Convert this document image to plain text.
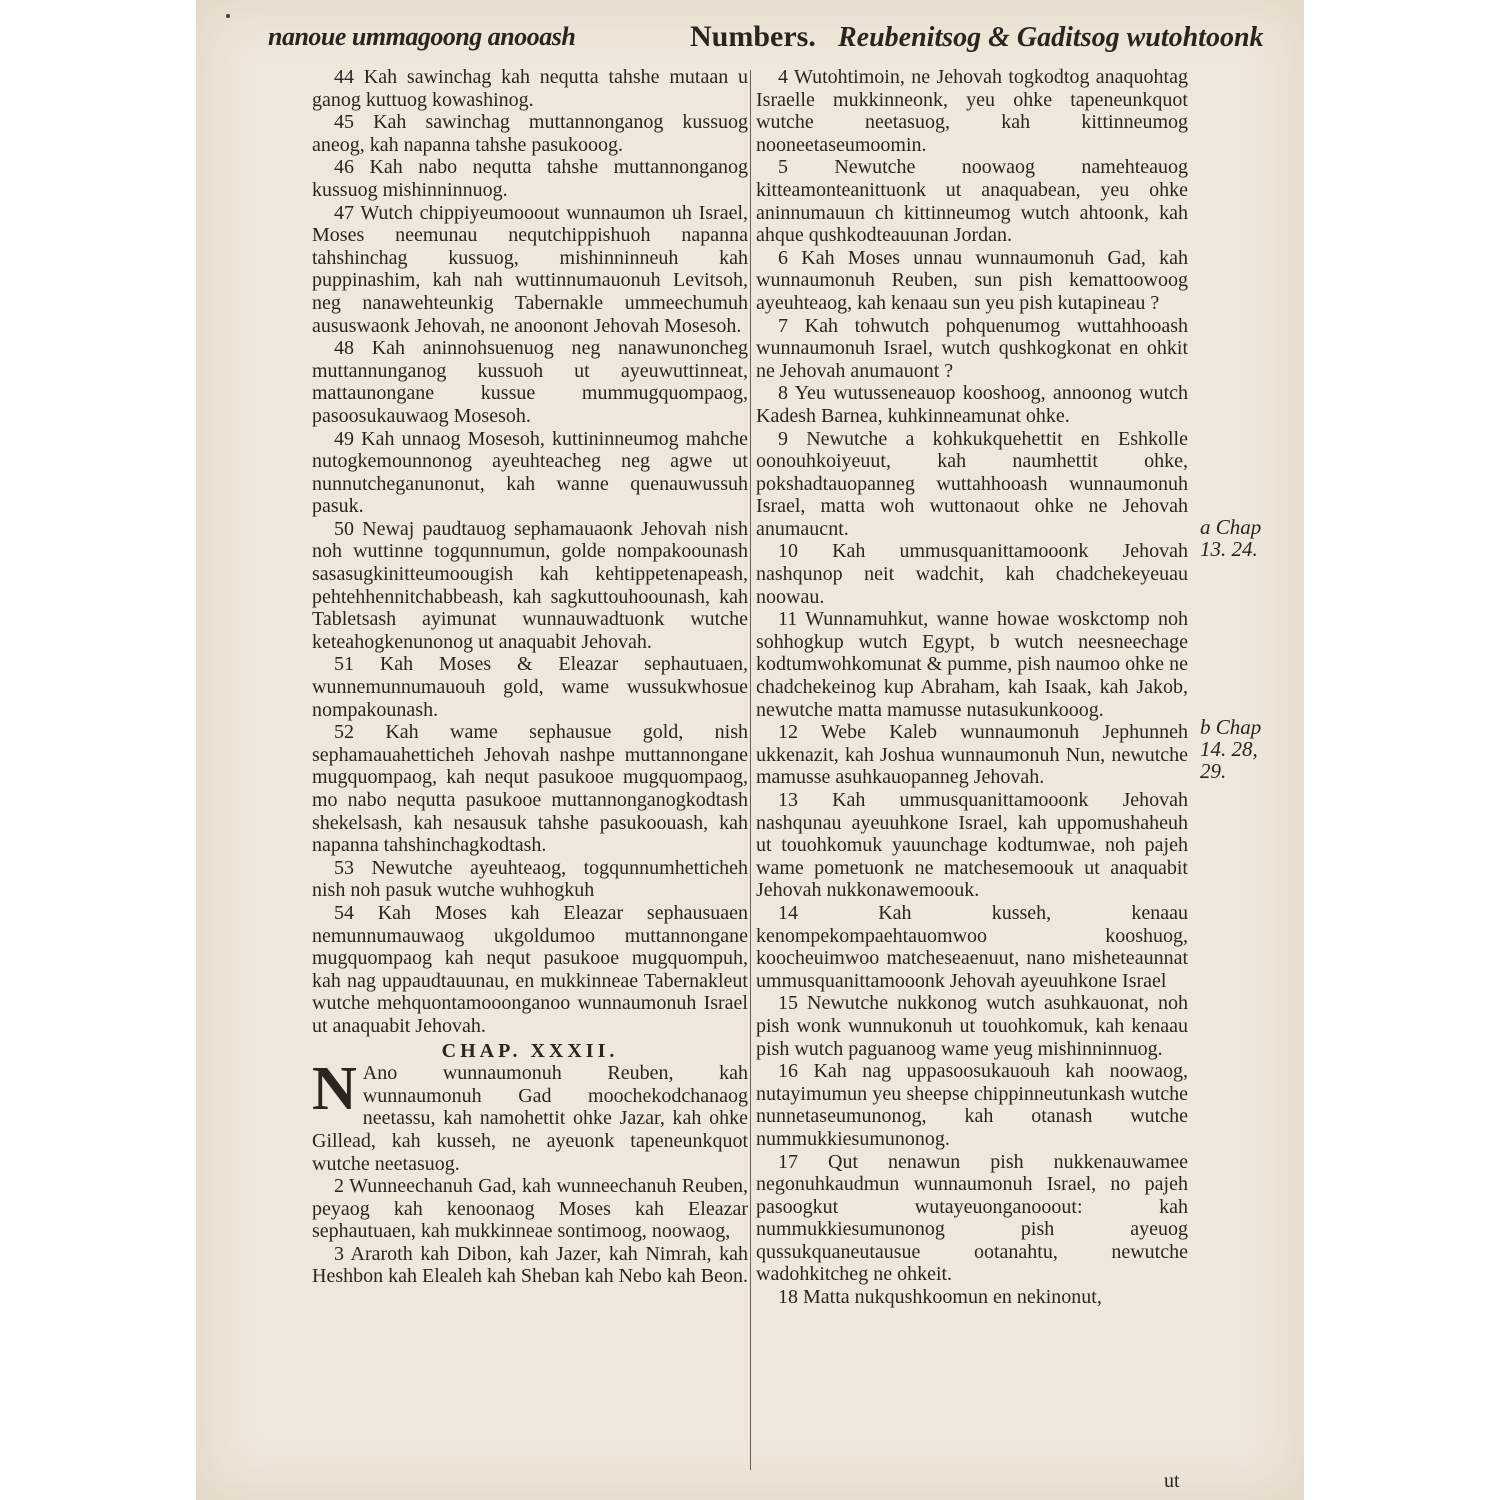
nanoue ummagoong anooash	Numbers. Reubenitsog & Gaditsog wutohtoonk

44 Kah sawinchag kah nequtta tahshe mutaan u ganog kuttuog kowashinog.

45 Kah sawinchag muttannonganog kussuog aneog, kah napanna tahshe pasukooog.

46 Kah nabo nequtta tahshe muttannonganog kussuog mishinninnuog.

47 Wutch chippiyeumooout wunnaumon uh Israel, Moses neemunau nequtchippishuoh napanna tahshinchag kussuog, mishinninneuh kah puppinashim, kah nah wuttinnumauonuh Levitsoh, neg nanawehteunkig Tabernakle ummeechumuh aususwaonk Jehovah, ne anoonont Jehovah Mosesoh.

48 Kah aninnohsuenuog neg nanawunoncheg muttannunganog kussuoh ut ayeuwuttinneat, mattaunongane kussue mummugquompaog, pasoosukauwaog Mosesoh.

49 Kah unnaog Mosesoh, kuttininneumog mahche nutogkemounnonog ayeuhteacheg neg agwe ut nunnutcheganunonut, kah wanne quenauwussuh pasuk.

50 Newaj paudtauog sephamauaonk Jehovah nish noh wuttinne togqunnumun, golde nompakoounash sasasugkinitteumoougish kah kehtippetenapeash, pehtehhennitchabbeash, kah sagkuttouhoounash, kah Tabletsash ayimunat wunnauwadtuonk wutche keteahogkenunonog ut anaquabit Jehovah.

51 Kah Moses & Eleazar sephautuaen, wunnemunnumauouh gold, wame wussukwhosue nompakounash.

52 Kah wame sephausue gold, nish sephamauahetticheh Jehovah nashpe muttannongane mugquompaog, kah nequt pasukooe mugquompaog, mo nabo nequtta pasukooe muttannonganogkodtash shekelsash, kah nesausuk tahshe pasukoouash, kah napanna tahshinchagkodtash.

53 Newutche ayeuhteaog, togqunnumhetticheh nish noh pasuk wutche wuhhogkuh

54 Kah Moses kah Eleazar sephausuaen nemunnumauwaog ukgoldumoo muttannongane mugquompaog kah nequt pasukooe mugquompuh, kah nag uppaudtauunau, en mukkinneae Tabernakleut wutche mehquontamooonganoo wunnaumonuh Israel ut anaquabit Jehovah.

CHAP. XXXII.

N Ano wunnaumonuh Reuben, kah wunnaumonuh Gad moochekodchanaog neetassu, kah namohettit ohke Jazar, kah ohke Gillead, kah kusseh, ne ayeuonk tapeneunkquot wutche neetasuog.

2 Wunneechanuh Gad, kah wunneechanuh Reuben, peyaog kah kenoonaog Moses kah Eleazar sephautuaen, kah mukkinneae sontimoog, noowaog,

3 Araroth kah Dibon, kah Jazer, kah Nimrah, kah Heshbon kah Elealeh kah Sheban kah Nebo kah Beon.

4 Wutohtimoin, ne Jehovah togkodtog anaquohtag Israelle mukkinneonk, yeu ohke tapeneunkquot wutche neetasuog, kah kittinneumog nooneetaseumoomin.

5 Newutche noowaog namehteauog kitteamonteanittuonk ut anaquabean, yeu ohke aninnumauun ch kittinneumog wutch ahtoonk, kah ahque qushkodteauunan Jordan.

6 Kah Moses unnau wunnaumonuh Gad, kah wunnaumonuh Reuben, sun pish kemattoowoog ayeuhteaog, kah kenaau sun yeu pish kutapineau ?

7 Kah tohwutch pohquenumog wuttahhooash wunnaumonuh Israel, wutch qushkogkonat en ohkit ne Jehovah anumauont ?

8 Yeu wutusseneauop kooshoog, annoonog wutch Kadesh Barnea, kuhkinneamunat ohke.

9 Newutche a kohkukquehettit en Eshkolle oonouhkoiyeuut, kah naumhettit ohke, pokshadtauopanneg wuttahhooash wunnaumonuh Israel, matta woh wuttonaout ohke ne Jehovah anumaucnt.

10 Kah ummusquanittamooonk Jehovah nashqunop neit wadchit, kah chadchekeyeuau noowau.

11 Wunnamuhkut, wanne howae woskctomp noh sohhogkup wutch Egypt, b wutch neesneechage kodtumwohkomunat & pumme, pish naumoo ohke ne chadchekeinog kup Abraham, kah Isaak, kah Jakob, newutche matta mamusse nutasukunkooog.

12 Webe Kaleb wunnaumonuh Jephunneh ukkenazit, kah Joshua wunnaumonuh Nun, newutche mamusse asuhkauopanneg Jehovah.

13 Kah ummusquanittamooonk Jehovah nashqunau ayeuuhkone Israel, kah uppomushaheuh ut touohkomuk yauunchage kodtumwae, noh pajeh wame pometuonk ne matchesemoouk ut anaquabit Jehovah nukkonawemoouk.

14 Kah kusseh, kenaau kenompekompaehtauomwoo kooshuog, koocheuimwoo matcheseaenuut, nano misheteaunnat ummusquanittamooonk Jehovah ayeuuhkone Israel

15 Newutche nukkonog wutch asuhkauonat, noh pish wonk wunnukonuh ut touohkomuk, kah kenaau pish wutch paguanoog wame yeug mishinninnuog.

16 Kah nag uppasoosukauouh kah noowaog, nutayimumun yeu sheepse chippinneutunkash wutche nunnetaseumunonog, kah otanash wutche nummukkiesumunonog.

17 Qut nenawun pish nukkenauwamee negonuhkaudmun wunnaumonuh Israel, no pajeh pasoogkut wutayeuonganooout: kah nummukkiesumunonog pish ayeuog qussukquaneutausue ootanahtu, newutche wadohkitcheg ne ohkeit.

18 Matta nukqushkoomun en nekinonut,

a Chap
13. 24.
b Chap
14. 28,
29.
ut
